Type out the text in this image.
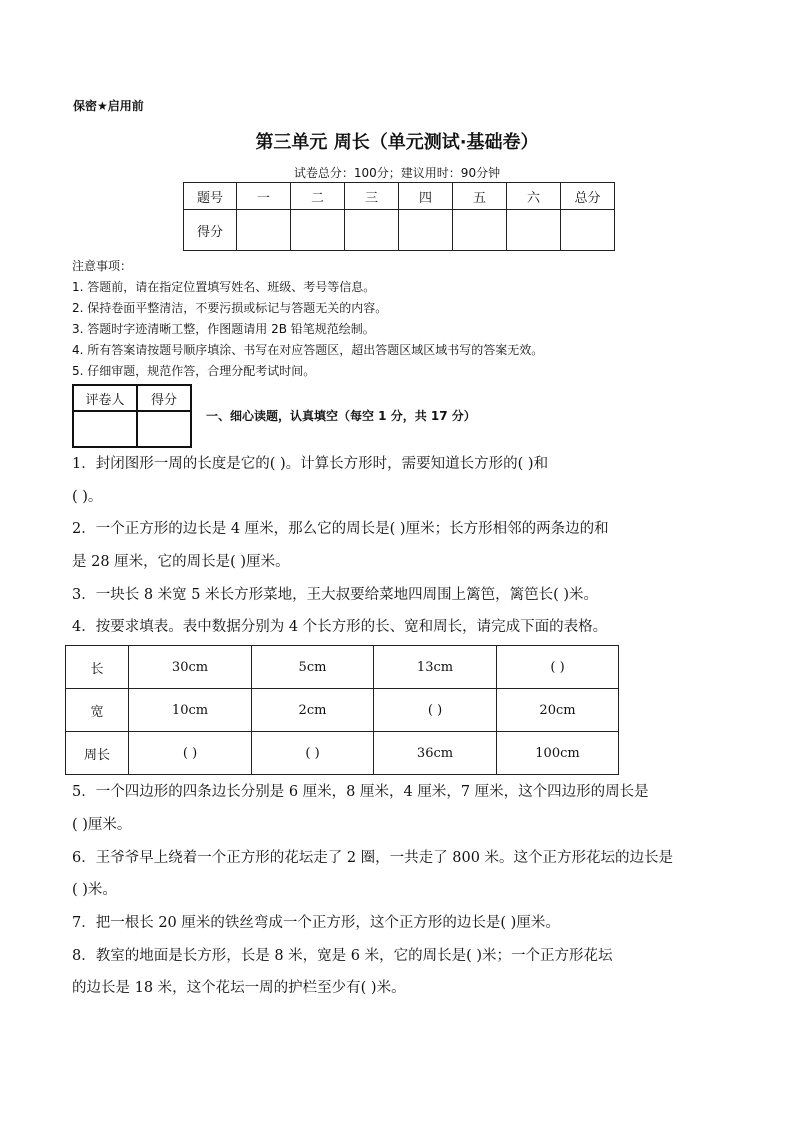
保密★启用前
第三单元 周长（单元测试·基础卷）
试卷总分：100分；建议用时：90分钟
题号	一	二	三	四	五	六	总分
得分							
注意事项：
1. 答题前，请在指定位置填写姓名、班级、考号等信息。
2. 保持卷面平整清洁，不要污损或标记与答题无关的内容。
3. 答题时字迹清晰工整，作图题请用 2B 铅笔规范绘制。
4. 所有答案请按题号顺序填涂、书写在对应答题区，超出答题区域区域书写的答案无效。
5. 仔细审题，规范作答，合理分配考试时间。
评卷人	得分

一、细心读题，认真填空（每空 1 分，共 17 分）
1．封闭图形一周的长度是它的( )。计算长方形时，需要知道长方形的( )和
( )。
2．一个正方形的边长是 4 厘米，那么它的周长是( )厘米；长方形相邻的两条边的和
是 28 厘米，它的周长是( )厘米。
3．一块长 8 米宽 5 米长方形菜地，王大叔要给菜地四周围上篱笆，篱笆长( )米。
4．按要求填表。表中数据分别为 4 个长方形的长、宽和周长，请完成下面的表格。
长	30cm	5cm	13cm	( )
宽	10cm	2cm	( )	20cm
周长	( )	( )	36cm	100cm
5．一个四边形的四条边长分别是 6 厘米，8 厘米，4 厘米，7 厘米，这个四边形的周长是
( )厘米。
6．王爷爷早上绕着一个正方形的花坛走了 2 圈，一共走了 800 米。这个正方形花坛的边长是
( )米。
7．把一根长 20 厘米的铁丝弯成一个正方形，这个正方形的边长是( )厘米。
8．教室的地面是长方形，长是 8 米，宽是 6 米，它的周长是( )米；一个正方形花坛
的边长是 18 米，这个花坛一周的护栏至少有( )米。
